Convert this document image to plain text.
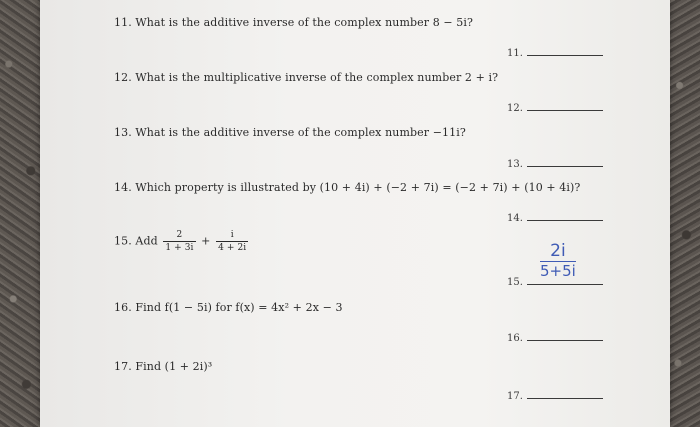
11. What is the additive inverse of the complex number 8 − 5i?
11.
12. What is the multiplicative inverse of the complex number 2 + i?
12.
13. What is the additive inverse of the complex number −11i?
13.
14. Which property is illustrated by (10 + 4i) + (−2 + 7i) = (−2 + 7i) + (10 + 4i)?
14.
15. Add $\frac{2}{1 + 3i} + \frac{i}{4 + 2i}$	2i
5+5i
15.
16. Find f(1 − 5i) for f(x) = 4x² + 2x − 3
16.
17. Find (1 + 2i)³
17.
